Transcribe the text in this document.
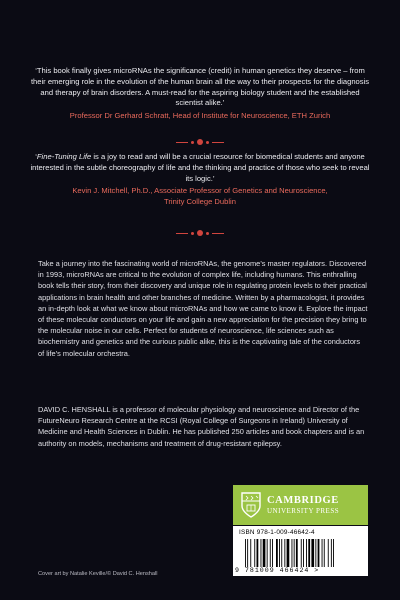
‘This book finally gives microRNAs the significance (credit) in human genetics they deserve – from their emerging role in the evolution of the human brain all the way to their prospects for the diagnosis and therapy of brain disorders. A must-read for the aspiring biology student and the established scientist alike.’
Professor Dr Gerhard Schratt, Head of Institute for Neuroscience, ETH Zurich
‘Fine-Tuning Life is a joy to read and will be a crucial resource for biomedical students and anyone interested in the subtle choreography of life and the thinking and practice of those who seek to reveal its logic.’
Kevin J. Mitchell, Ph.D., Associate Professor of Genetics and Neuroscience,
Trinity College Dublin

Take a journey into the fascinating world of microRNAs, the genome’s master regulators. Discovered in 1993, microRNAs are critical to the evolution of complex life, including humans. This enthralling book tells their story, from their discovery and unique role in regulating protein levels to their practical applications in brain health and other branches of medicine. Written by a pharmacologist, it provides an in-depth look at what we know about microRNAs and how we came to know it. Explore the impact of these molecular conductors on your life and gain a new appreciation for the precision they bring to the molecular noise in our cells. Perfect for students of neuroscience, life sciences such as biochemistry and genetics and the curious public alike, this is the captivating tale of the conductors of life’s molecular orchestra.

DAVID C. HENSHALL is a professor of molecular physiology and neuroscience and Director of the FutureNeuro Research Centre at the RCSI (Royal College of Surgeons in Ireland) University of Medicine and Health Sciences in Dublin. He has published 250 articles and book chapters and is an authority on models, mechanisms and treatment of drug-resistant epilepsy.

CAMBRIDGE
UNIVERSITY PRESS
ISBN 978-1-009-46642-4
9 781009 466424 >
Cover art by Natalie Keville/© David C. Henshall
